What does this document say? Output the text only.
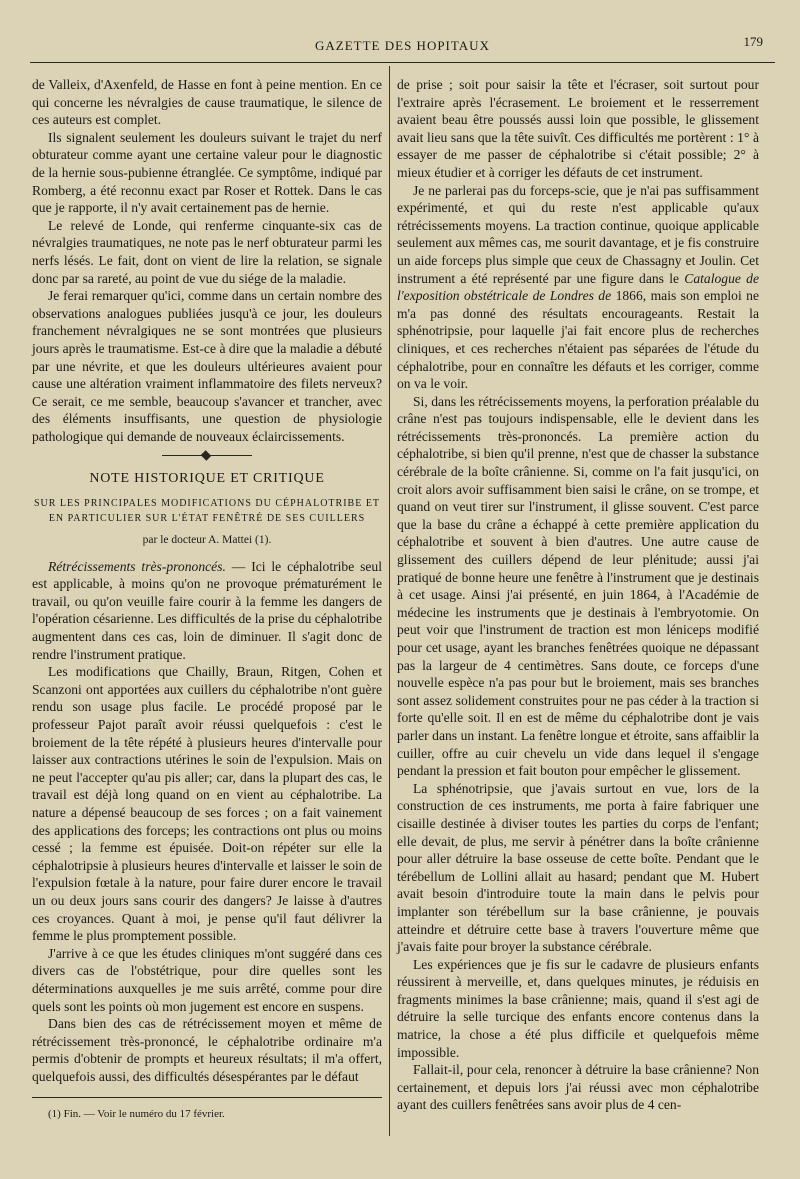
GAZETTE DES HOPITAUX	179

de Valleix, d'Axenfeld, de Hasse en font à peine mention. En ce qui concerne les névralgies de cause traumatique, le silence de ces auteurs est complet.

Ils signalent seulement les douleurs suivant le trajet du nerf obturateur comme ayant une certaine valeur pour le diagnostic de la hernie sous-pubienne étranglée. Ce symptôme, indiqué par Romberg, a été reconnu exact par Roser et Rottek. Dans le cas que je rapporte, il n'y avait certainement pas de hernie.

Le relevé de Londe, qui renferme cinquante-six cas de névralgies traumatiques, ne note pas le nerf obturateur parmi les nerfs lésés. Le fait, dont on vient de lire la relation, se signale donc par sa rareté, au point de vue du siége de la maladie.

Je ferai remarquer qu'ici, comme dans un certain nombre des observations analogues publiées jusqu'à ce jour, les douleurs franchement névralgiques ne se sont montrées que plusieurs jours après le traumatisme. Est-ce à dire que la maladie a débuté par une névrite, et que les douleurs ultérieures avaient pour cause une altération vraiment inflammatoire des filets nerveux? Ce serait, ce me semble, beaucoup s'avancer et trancher, avec des éléments insuffisants, une question de physiologie pathologique qui demande de nouveaux éclaircissements.

NOTE HISTORIQUE ET CRITIQUE
SUR LES PRINCIPALES MODIFICATIONS DU CÉPHALOTRIBE ET EN PARTICULIER SUR L'ÉTAT FENÊTRÉ DE SES CUILLERS
par le docteur A. Mattei (1).

Rétrécissements très-prononcés. — Ici le céphalotribe seul est applicable, à moins qu'on ne provoque prématurément le travail, ou qu'on veuille faire courir à la femme les dangers de l'opération césarienne. Les difficultés de la prise du céphalotribe augmentent dans ces cas, loin de diminuer. Il s'agit donc de rendre l'instrument pratique.

Les modifications que Chailly, Braun, Ritgen, Cohen et Scanzoni ont apportées aux cuillers du céphalotribe n'ont guère rendu son usage plus facile. Le procédé proposé par le professeur Pajot paraît avoir réussi quelquefois : c'est le broiement de la tête répété à plusieurs heures d'intervalle pour laisser aux contractions utérines le soin de l'expulsion. Mais on ne peut l'accepter qu'au pis aller; car, dans la plupart des cas, le travail est déjà long quand on en vient au céphalotribe. La nature a dépensé beaucoup de ses forces ; on a fait vainement des applications des forceps; les contractions ont plus ou moins cessé ; la femme est épuisée. Doit-on répéter sur elle la céphalotripsie à plusieurs heures d'intervalle et laisser le soin de l'expulsion fœtale à la nature, pour faire durer encore le travail un ou deux jours sans courir des dangers? Je laisse à d'autres ces croyances. Quant à moi, je pense qu'il faut délivrer la femme le plus promptement possible.

J'arrive à ce que les études cliniques m'ont suggéré dans ces divers cas de l'obstétrique, pour dire quelles sont les déterminations auxquelles je me suis arrêté, comme pour dire quels sont les points où mon jugement est encore en suspens.

Dans bien des cas de rétrécissement moyen et même de rétrécissement très-prononcé, le céphalotribe ordinaire m'a permis d'obtenir de prompts et heureux résultats; il m'a offert, quelquefois aussi, des difficultés désespérantes par le défaut

(1) Fin. — Voir le numéro du 17 février.

de prise ; soit pour saisir la tête et l'écraser, soit surtout pour l'extraire après l'écrasement. Le broiement et le resserrement avaient beau être poussés aussi loin que possible, le glissement avait lieu sans que la tête suivît. Ces difficultés me portèrent : 1° à essayer de me passer de céphalotribe si c'était possible; 2° à mieux étudier et à corriger les défauts de cet instrument.

Je ne parlerai pas du forceps-scie, que je n'ai pas suffisamment expérimenté, et qui du reste n'est applicable qu'aux rétrécissements moyens. La traction continue, quoique applicable seulement aux mêmes cas, me sourit davantage, et je fis construire un aide forceps plus simple que ceux de Chassagny et Joulin. Cet instrument a été représenté par une figure dans le Catalogue de l'exposition obstétricale de Londres de 1866, mais son emploi ne m'a pas donné des résultats encourageants. Restait la sphénotripsie, pour laquelle j'ai fait encore plus de recherches cliniques, et ces recherches n'étaient pas séparées de l'étude du céphalotribe, pour en connaître les défauts et les corriger, comme on va le voir.

Si, dans les rétrécissements moyens, la perforation préalable du crâne n'est pas toujours indispensable, elle le devient dans les rétrécissements très-prononcés. La première action du céphalotribe, si bien qu'il prenne, n'est que de chasser la substance cérébrale de la boîte crânienne. Si, comme on l'a fait jusqu'ici, on croit alors avoir suffisamment bien saisi le crâne, on se trompe, et quand on veut tirer sur l'instrument, il glisse souvent. C'est parce que la base du crâne a échappé à cette première application du céphalotribe et souvent à bien d'autres. Une autre cause de glissement des cuillers dépend de leur plénitude; aussi j'ai pratiqué de bonne heure une fenêtre à l'instrument que je destinais à cet usage. Ainsi j'ai présenté, en juin 1864, à l'Académie de médecine les instruments que je destinais à l'embryotomie. On peut voir que l'instrument de traction est mon léniceps modifié pour cet usage, ayant les branches fenêtrées quoique ne dépassant pas la largeur de 4 centimètres. Sans doute, ce forceps d'une nouvelle espèce n'a pas pour but le broiement, mais ses branches sont assez solidement construites pour ne pas céder à la traction si forte qu'elle soit. Il en est de même du céphalotribe dont je vais parler dans un instant. La fenêtre longue et étroite, sans affaiblir la cuiller, offre au cuir chevelu un vide dans lequel il s'engage pendant la pression et fait bouton pour empêcher le glissement.

La sphénotripsie, que j'avais surtout en vue, lors de la construction de ces instruments, me porta à faire fabriquer une cisaille destinée à diviser toutes les parties du corps de l'enfant; elle devait, de plus, me servir à pénétrer dans la boîte crânienne pour aller détruire la base osseuse de cette boîte. Pendant que le térébellum de Lollini allait au hasard; pendant que M. Hubert avait besoin d'introduire toute la main dans le pelvis pour implanter son térébellum sur la base crânienne, je pouvais atteindre et détruire cette base à travers l'ouverture même que j'avais faite pour broyer la substance cérébrale.

Les expériences que je fis sur le cadavre de plusieurs enfants réussirent à merveille, et, dans quelques minutes, je réduisis en fragments minimes la base crânienne; mais, quand il s'est agi de détruire la selle turcique des enfants encore contenus dans la matrice, la chose a été plus difficile et quelquefois même impossible.

Fallait-il, pour cela, renoncer à détruire la base crânienne? Non certainement, et depuis lors j'ai réussi avec mon céphalotribe ayant des cuillers fenêtrées sans avoir plus de 4 cen-
